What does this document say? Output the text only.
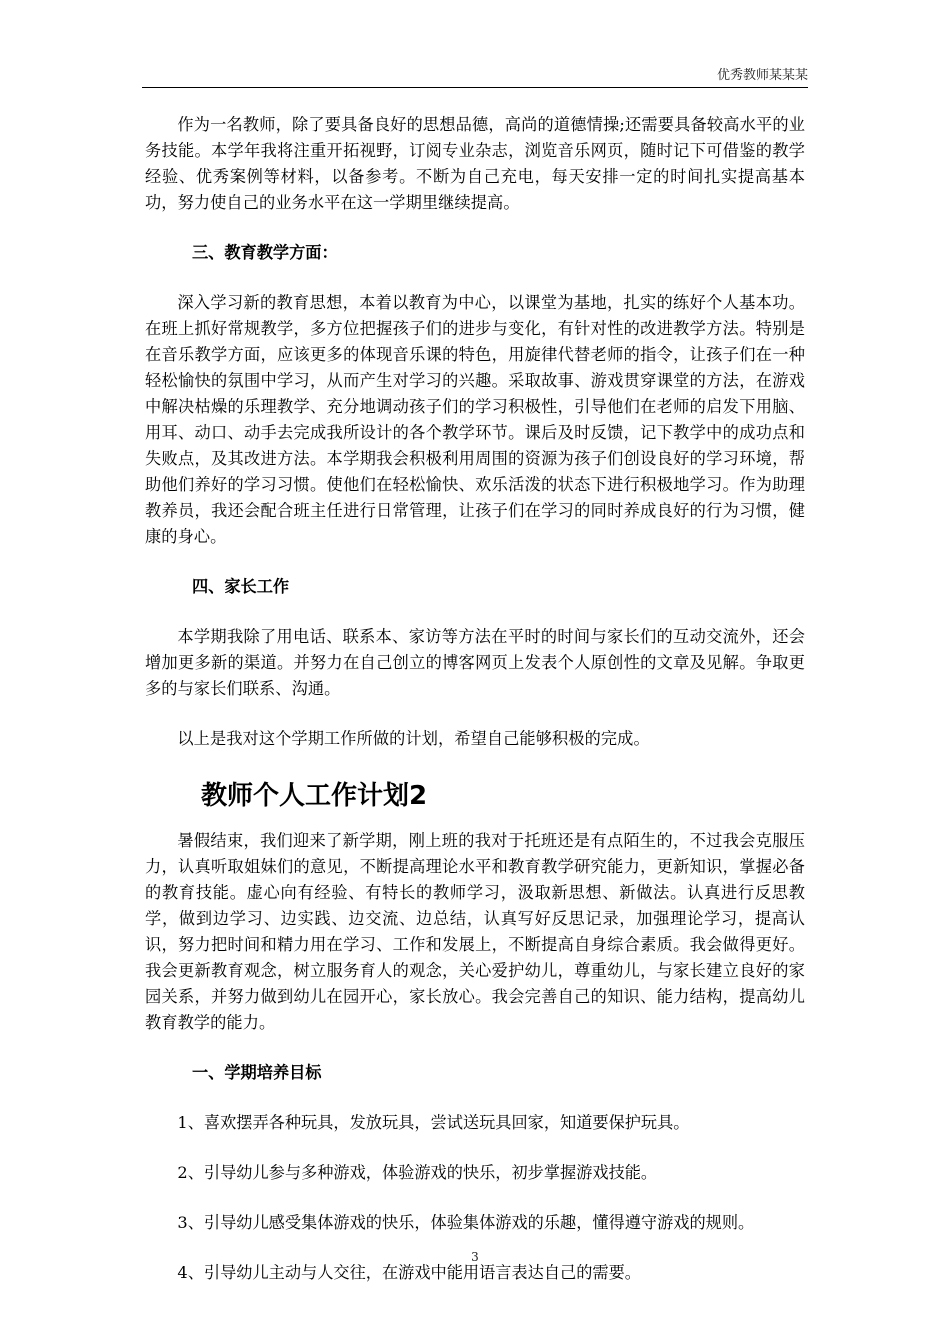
优秀教师某某某

作为一名教师，除了要具备良好的思想品德，高尚的道德情操;还需要具备较高水平的业务技能。本学年我将注重开拓视野，订阅专业杂志，浏览音乐网页，随时记下可借鉴的教学经验、优秀案例等材料，以备参考。不断为自己充电，每天安排一定的时间扎实提高基本功，努力使自己的业务水平在这一学期里继续提高。

三、教育教学方面：

深入学习新的教育思想，本着以教育为中心，以课堂为基地，扎实的练好个人基本功。在班上抓好常规教学，多方位把握孩子们的进步与变化，有针对性的改进教学方法。特别是在音乐教学方面，应该更多的体现音乐课的特色，用旋律代替老师的指令，让孩子们在一种轻松愉快的氛围中学习，从而产生对学习的兴趣。采取故事、游戏贯穿课堂的方法，在游戏中解决枯燥的乐理教学、充分地调动孩子们的学习积极性，引导他们在老师的启发下用脑、用耳、动口、动手去完成我所设计的各个教学环节。课后及时反馈，记下教学中的成功点和失败点，及其改进方法。本学期我会积极利用周围的资源为孩子们创设良好的学习环境，帮助他们养好的学习习惯。使他们在轻松愉快、欢乐活泼的状态下进行积极地学习。作为助理教养员，我还会配合班主任进行日常管理，让孩子们在学习的同时养成良好的行为习惯，健康的身心。

四、家长工作

本学期我除了用电话、联系本、家访等方法在平时的时间与家长们的互动交流外，还会增加更多新的渠道。并努力在自己创立的博客网页上发表个人原创性的文章及见解。争取更多的与家长们联系、沟通。

以上是我对这个学期工作所做的计划，希望自己能够积极的完成。

教师个人工作计划2

暑假结束，我们迎来了新学期，刚上班的我对于托班还是有点陌生的，不过我会克服压力，认真听取姐妹们的意见，不断提高理论水平和教育教学研究能力，更新知识，掌握必备的教育技能。虚心向有经验、有特长的教师学习，汲取新思想、新做法。认真进行反思教学，做到边学习、边实践、边交流、边总结，认真写好反思记录，加强理论学习，提高认识，努力把时间和精力用在学习、工作和发展上，不断提高自身综合素质。我会做得更好。我会更新教育观念，树立服务育人的观念，关心爱护幼儿，尊重幼儿，与家长建立良好的家园关系，并努力做到幼儿在园开心，家长放心。我会完善自己的知识、能力结构，提高幼儿教育教学的能力。

一、学期培养目标

1、喜欢摆弄各种玩具，发放玩具，尝试送玩具回家，知道要保护玩具。

2、引导幼儿参与多种游戏，体验游戏的快乐，初步掌握游戏技能。

3、引导幼儿感受集体游戏的快乐，体验集体游戏的乐趣，懂得遵守游戏的规则。

4、引导幼儿主动与人交往，在游戏中能用语言表达自己的需要。

3
